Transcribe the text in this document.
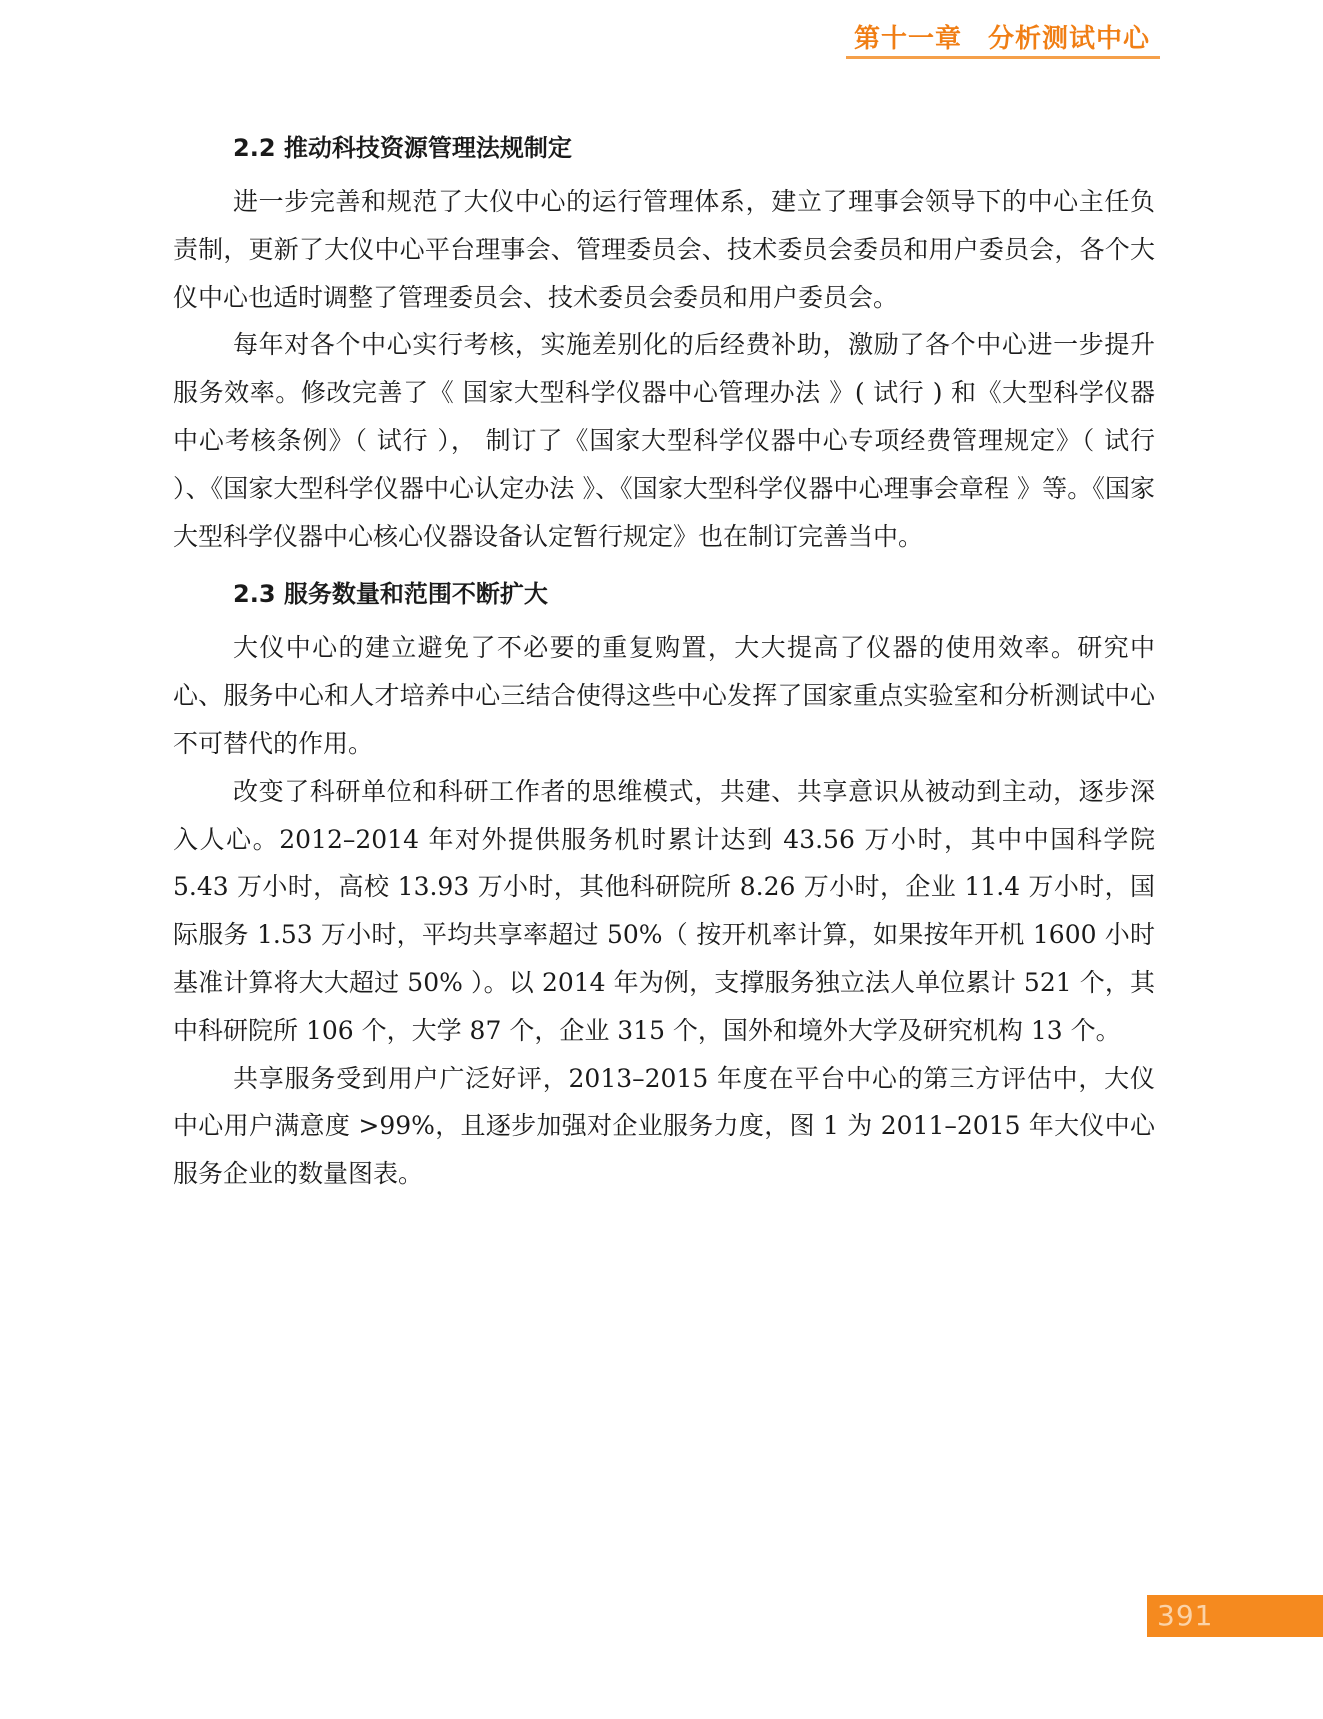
第十一章 分析测试中心
2.2 推动科技资源管理法规制定

进一步完善和规范了大仪中心的运行管理体系，建立了理事会领导下的中心主任负责制，更新了大仪中心平台理事会、管理委员会、技术委员会委员和用户委员会，各个大仪中心也适时调整了管理委员会、技术委员会委员和用户委员会。

每年对各个中心实行考核，实施差别化的后经费补助，激励了各个中心进一步提升服务效率。修改完善了《 国家大型科学仪器中心管理办法 》( 试行 ) 和《大型科学仪器中心考核条例》（ 试行 ）， 制订了《国家大型科学仪器中心专项经费管理规定》（ 试行 ）、《国家大型科学仪器中心认定办法 》、《国家大型科学仪器中心理事会章程 》等。《国家大型科学仪器中心核心仪器设备认定暂行规定》也在制订完善当中。

2.3 服务数量和范围不断扩大

大仪中心的建立避免了不必要的重复购置，大大提高了仪器的使用效率。研究中心、服务中心和人才培养中心三结合使得这些中心发挥了国家重点实验室和分析测试中心不可替代的作用。

改变了科研单位和科研工作者的思维模式，共建、共享意识从被动到主动，逐步深入人心。2012–2014 年对外提供服务机时累计达到 43.56 万小时，其中中国科学院 5.43 万小时，高校 13.93 万小时，其他科研院所 8.26 万小时，企业 11.4 万小时，国际服务 1.53 万小时，平均共享率超过 50%（ 按开机率计算，如果按年开机 1600 小时基准计算将大大超过 50% ）。以 2014 年为例，支撑服务独立法人单位累计 521 个，其中科研院所 106 个，大学 87 个，企业 315 个，国外和境外大学及研究机构 13 个。

共享服务受到用户广泛好评，2013–2015 年度在平台中心的第三方评估中，大仪中心用户满意度 >99%，且逐步加强对企业服务力度，图 1 为 2011–2015 年大仪中心服务企业的数量图表。

391
